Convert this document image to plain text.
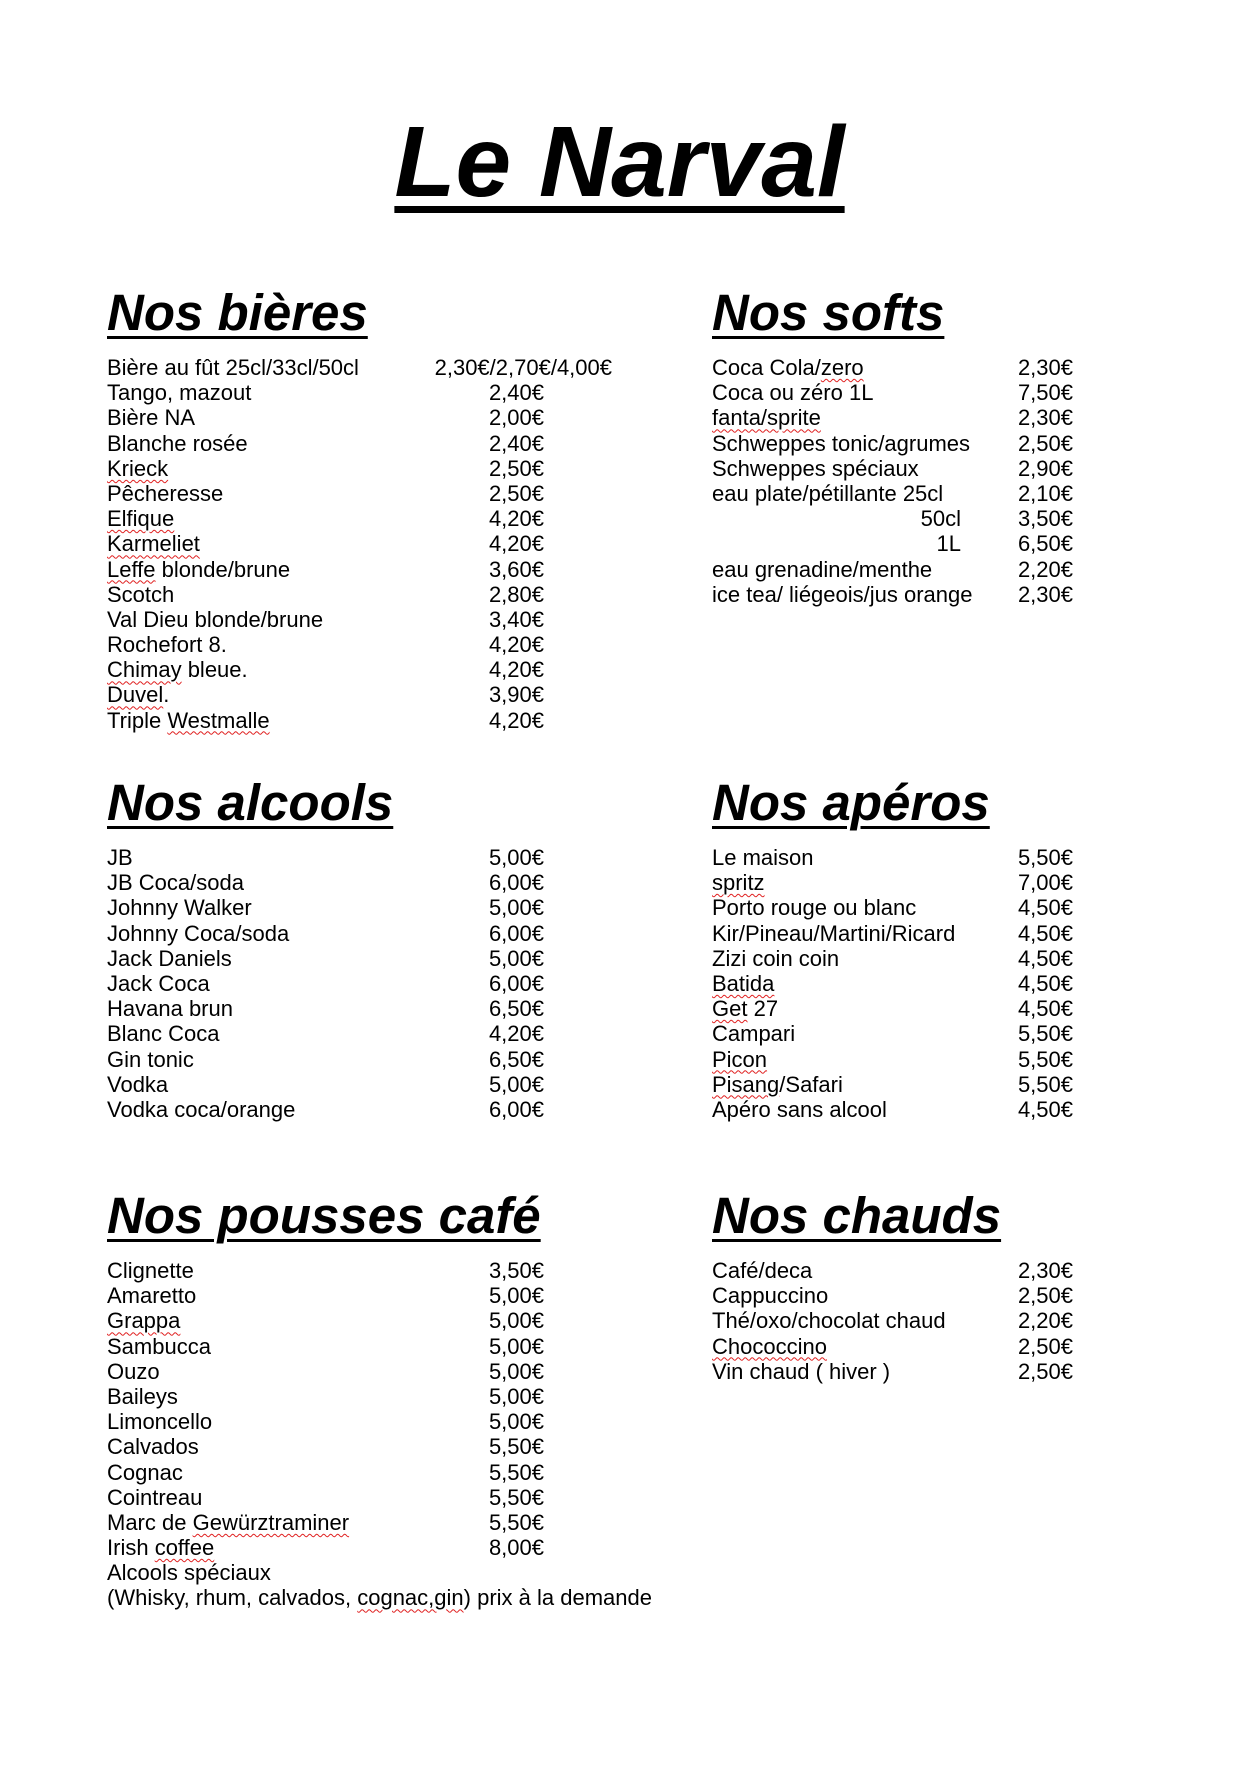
Le Narval
Nos bières
Bière au fût 25cl/33cl/50cl	2,30€/2,70€/4,00€
Tango, mazout	2,40€
Bière NA	2,00€
Blanche rosée	2,40€
Krieck	2,50€
Pêcheresse	2,50€
Elfique	4,20€
Karmeliet	4,20€
Leffe blonde/brune	3,60€
Scotch	2,80€
Val Dieu blonde/brune	3,40€
Rochefort 8.	4,20€
Chimay bleue.	4,20€
Duvel.	3,90€
Triple Westmalle	4,20€
Nos softs
Coca Cola/zero	2,30€
Coca ou zéro 1L	7,50€
fanta/sprite	2,30€
Schweppes tonic/agrumes	2,50€
Schweppes spéciaux	2,90€
eau plate/pétillante 25cl	2,10€
50cl	3,50€
1L	6,50€
eau grenadine/menthe	2,20€
ice tea/ liégeois/jus orange	2,30€
Nos alcools
JB	5,00€
JB Coca/soda	6,00€
Johnny Walker	5,00€
Johnny Coca/soda	6,00€
Jack Daniels	5,00€
Jack Coca	6,00€
Havana brun	6,50€
Blanc Coca	4,20€
Gin tonic	6,50€
Vodka	5,00€
Vodka coca/orange	6,00€
Nos apéros
Le maison	5,50€
spritz	7,00€
Porto rouge ou blanc	4,50€
Kir/Pineau/Martini/Ricard	4,50€
Zizi coin coin	4,50€
Batida	4,50€
Get 27	4,50€
Campari	5,50€
Picon	5,50€
Pisang/Safari	5,50€
Apéro sans alcool	4,50€
Nos pousses café
Clignette	3,50€
Amaretto	5,00€
Grappa	5,00€
Sambucca	5,00€
Ouzo	5,00€
Baileys	5,00€
Limoncello	5,00€
Calvados	5,50€
Cognac	5,50€
Cointreau	5,50€
Marc de Gewürztraminer	5,50€
Irish coffee	8,00€
Alcools spéciaux
(Whisky, rhum, calvados, cognac,gin) prix à la demande
Nos chauds
Café/deca	2,30€
Cappuccino	2,50€
Thé/oxo/chocolat chaud	2,20€
Chococcino	2,50€
Vin chaud ( hiver )	2,50€
